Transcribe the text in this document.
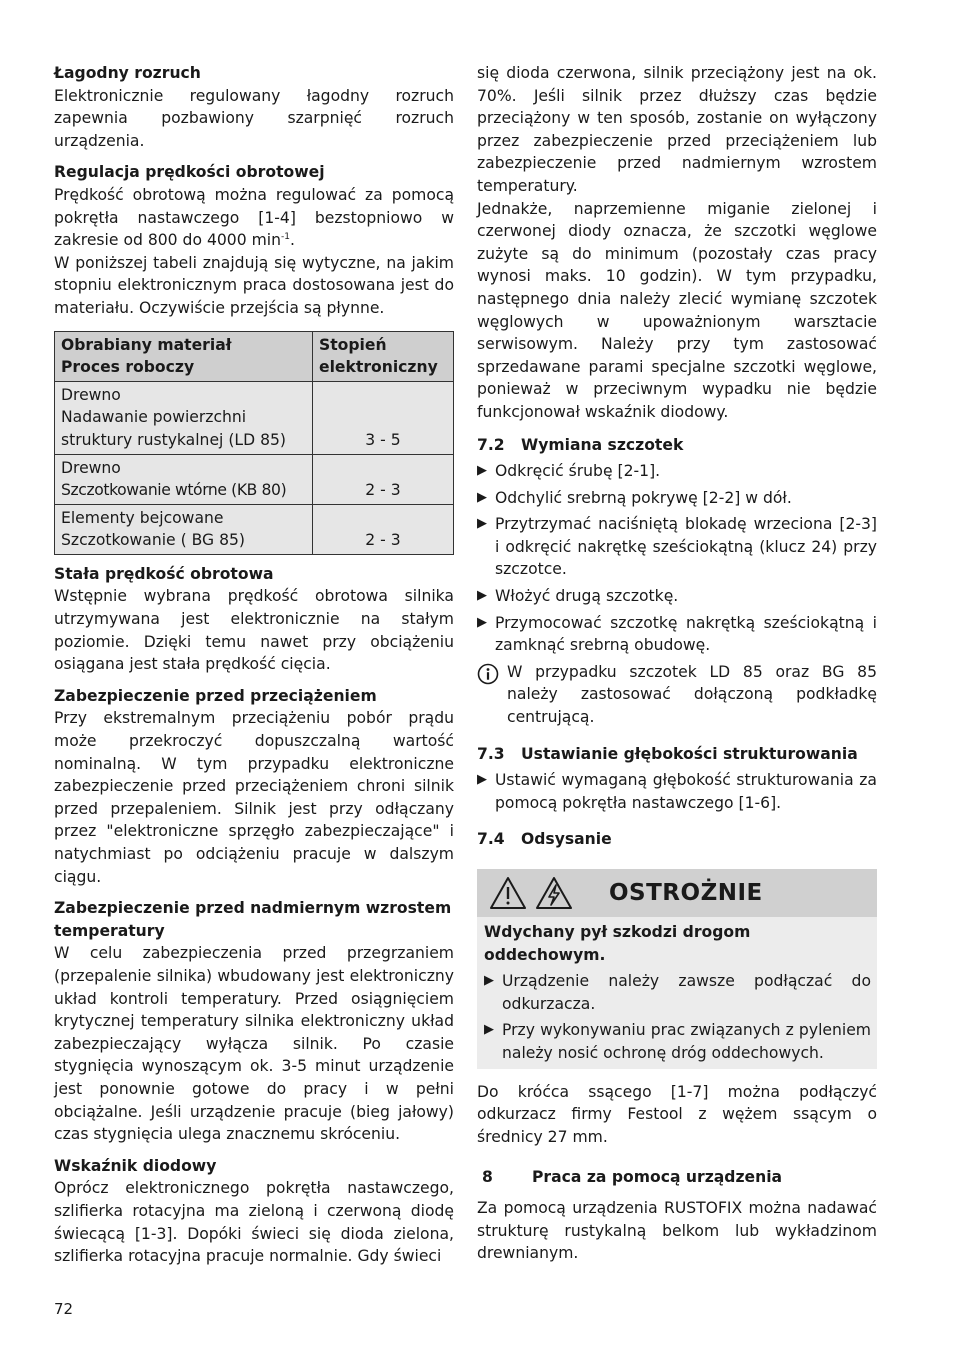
Łagodny rozruch

Elektronicznie regulowany łagodny rozruch zapewnia pozbawiony szarpnięć rozruch urządzenia.

Regulacja prędkości obrotowej

Prędkość obrotową można regulować za pomocą pokrętła nastawczego [1-4] bezstopniowo w zakresie od 800 do 4000 $\min^{-1}$.

W poniższej tabeli znajdują się wytyczne, na jakim stopniu elektronicznym praca dostosowana jest do materiału. Oczywiście przejścia są płynne.

Obrabiany materiał
Proces roboczy	Stopień elektroniczny

Drewno
Nadawanie powierzchni struktury rustykalnej (LD 85)	3 - 5

Drewno
Szczotkowanie wtórne (KB 80)	2 - 3

Elementy bejcowane
Szczotkowanie ( BG 85)	2 - 3
Stała prędkość obrotowa

Wstępnie wybrana prędkość obrotowa silnika utrzymywana jest elektronicznie na stałym poziomie. Dzięki temu nawet przy obciążeniu osiągana jest stała prędkość cięcia.

Zabezpieczenie przed przeciążeniem

Przy ekstremalnym przeciążeniu pobór prądu może przekroczyć dopuszczalną wartość nominalną. W tym przypadku elektroniczne zabezpieczenie przed przeciążeniem chroni silnik przed przepaleniem. Silnik jest przy odłączany przez "elektroniczne sprzęgło zabezpieczające" i natychmiast po odciążeniu pracuje w dalszym ciągu.

Zabezpieczenie przed nadmiernym wzrostem temperatury

W celu zabezpieczenia przed przegrzaniem (przepalenie silnika) wbudowany jest elektroniczny układ kontroli temperatury. Przed osiągnięciem krytycznej temperatury silnika elektroniczny układ zabezpieczający wyłącza silnik. Po czasie stygnięcia wynoszącym ok. 3-5 minut urządzenie jest ponownie gotowe do pracy i w pełni obciążalne. Jeśli urządzenie pracuje (bieg jałowy) czas stygnięcia ulega znacznemu skróceniu.

Wskaźnik diodowy

Oprócz elektronicznego pokrętła nastawczego, szlifierka rotacyjna ma zieloną i czerwoną diodę świecącą [1-3]. Dopóki świeci się dioda zielona, szlifierka rotacyjna pracuje normalnie. Gdy świeci

się dioda czerwona, silnik przeciążony jest na ok. 70%. Jeśli silnik przez dłuższy czas będzie przeciążony w ten sposób, zostanie on wyłączony przez zabezpieczenie przed przeciążeniem lub zabezpieczenie przed nadmiernym wzrostem temperatury.

Jednakże, naprzemienne miganie zielonej i czerwonej diody oznacza, że szczotki węglowe zużyte są do minimum (pozostały czas pracy wynosi maks. 10 godzin). W tym przypadku, następnego dnia należy zlecić wymianę szczotek węglowych w upoważnionym warsztacie serwisowym. Należy przy tym zastosować sprzedawane parami specjalne szczotki węglowe, ponieważ w przeciwnym wypadku nie będzie funkcjonował wskaźnik diodowy.

7.2	Wymiana szczotek
▶ Odkręcić śrubę [2-1].
▶ Odchylić srebrną pokrywę [2-2] w dół.
▶ Przytrzymać naciśniętą blokadę wrzeciona [2-3] i odkręcić nakrętkę sześciokątną (klucz 24) przy szczotce.
▶ Włożyć drugą szczotkę.
▶ Przymocować szczotkę nakrętką sześciokątną i zamknąć srebrną obudowę.
W przypadku szczotek LD 85 oraz BG 85 należy zastosować dołączoną podkładkę centrującą.
7.3	Ustawianie głębokości strukturowania
▶ Ustawić wymaganą głębokość strukturowania za pomocą pokrętła nastawczego [1-6].
7.4	Odsysanie
OSTROŻNIE
Wdychany pył szkodzi drogom oddechowym.
▶ Urządzenie należy zawsze podłączać do odkurzacza.
▶ Przy wykonywaniu prac związanych z pyleniem należy nosić ochronę dróg oddechowych.

Do króćca ssącego [1-7] można podłączyć odkurzacz firmy Festool z wężem ssącym o średnicy 27 mm.

8	Praca za pomocą urządzenia

Za pomocą urządzenia RUSTOFIX można nadawać strukturę rustykalną belkom lub wykładzinom drewnianym.

72
